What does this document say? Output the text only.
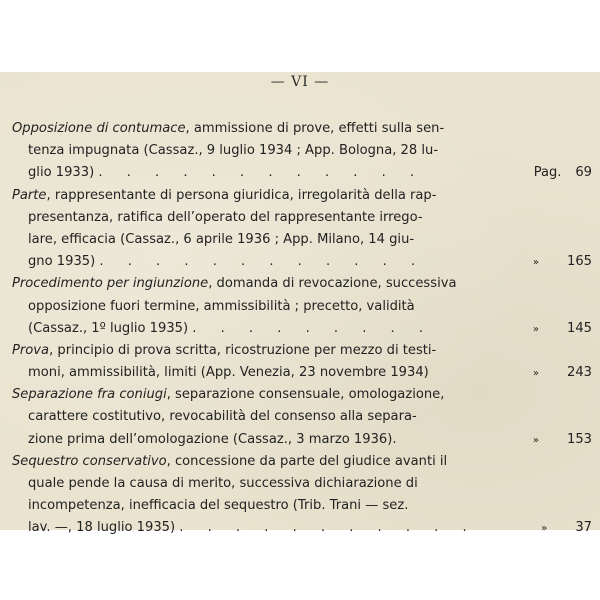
— VI —
Opposizione di contumace, ammissione di prove, effetti sulla sen-
tenza impugnata (Cassaz., 9 luglio 1934 ; App. Bologna, 28 lu-
glio 1933) . . . . . . . . . . . .	Pag. 69
Parte, rappresentante di persona giuridica, irregolarità della rap-
presentanza, ratifica dell’operato del rappresentante irrego-
lare, efficacia (Cassaz., 6 aprile 1936 ; App. Milano, 14 giu-
gno 1935) . . . . . . . . . . . .	» 165
Procedimento per ingiunzione, domanda di revocazione, successiva
opposizione fuori termine, ammissibilità ; precetto, validità
(Cassaz., 1º luglio 1935) . . . . . . . . .	» 145
Prova, principio di prova scritta, ricostruzione per mezzo di testi-
moni, ammissibilità, limiti (App. Venezia, 23 novembre 1934)	» 243
Separazione fra coniugi, separazione consensuale, omologazione,
carattere costitutivo, revocabilità del consenso alla separa-
zione prima dell’omologazione (Cassaz., 3 marzo 1936).	» 153
Sequestro conservativo, concessione da parte del giudice avanti il
quale pende la causa di merito, successiva dichiarazione di
incompetenza, inefficacia del sequestro (Trib. Trani — sez.
lav. —, 18 luglio 1935) . . . . . . . . . . .	» 37
